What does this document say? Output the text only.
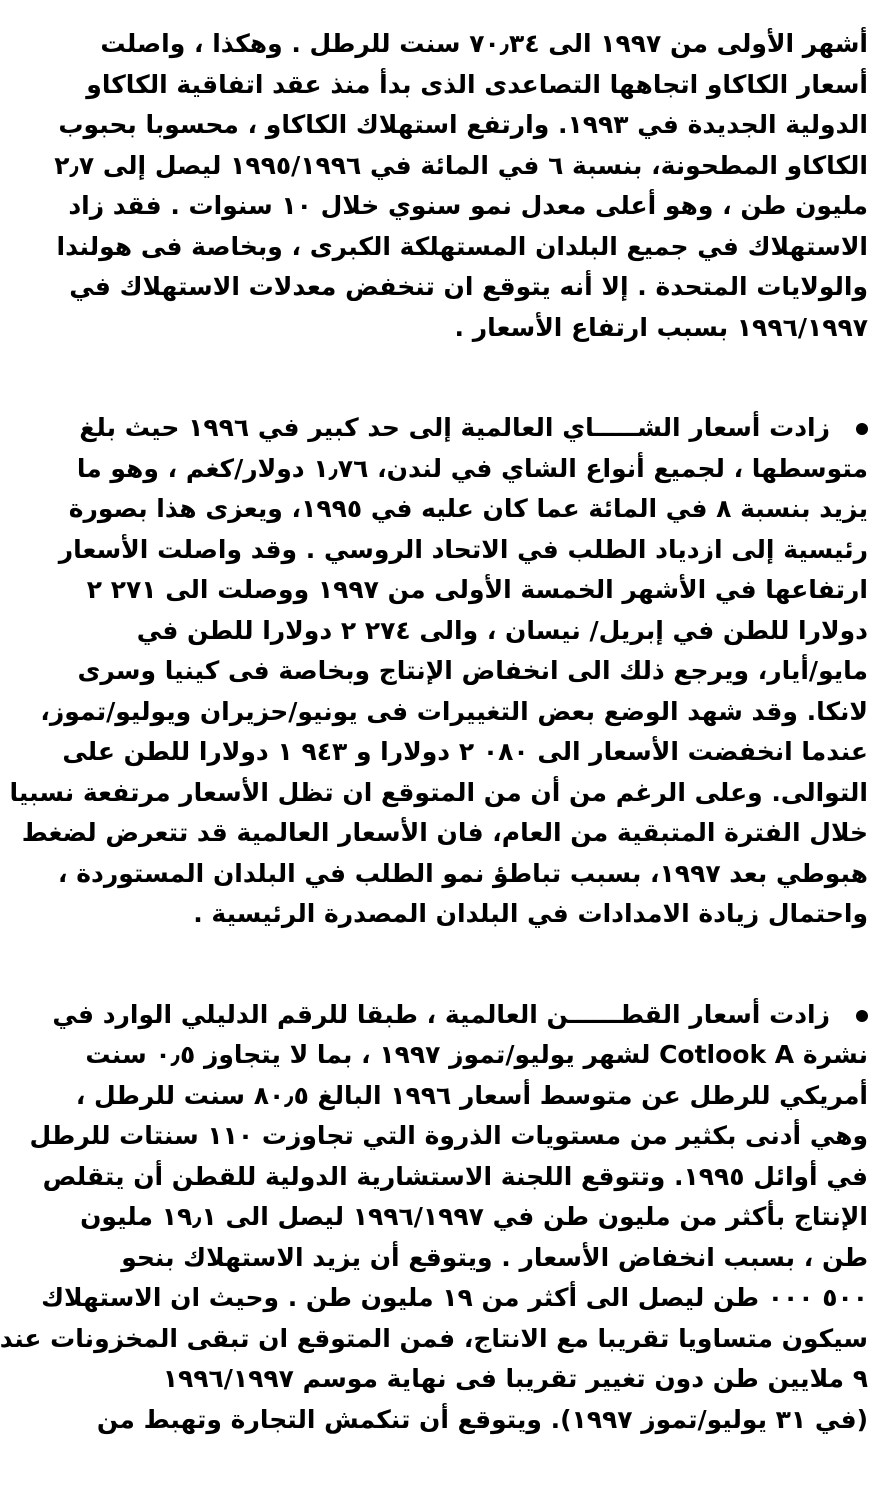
أشهر الأولى من ١٩٩٧ الى ٧٠٫٣٤ سنت للرطل . وهكذا ، واصلت
أسعار الكاكاو اتجاهها التصاعدى الذى بدأ منذ عقد اتفاقية الكاكاو
الدولية الجديدة في ١٩٩٣. وارتفع استهلاك الكاكاو ، محسوبا بحبوب
الكاكاو المطحونة، بنسبة ٦ في المائة في ١٩٩٥/١٩٩٦ ليصل إلى ٢٫٧
مليون طن ، وهو أعلى معدل نمو سنوي خلال ١٠ سنوات . فقد زاد
الاستهلاك في جميع البلدان المستهلكة الكبرى ، وبخاصة فى هولندا
والولايات المتحدة . إلا أنه يتوقع ان تنخفض معدلات الاستهلاك في
١٩٩٦/١٩٩٧ بسبب ارتفاع الأسعار .
زادت أسعار الشـــــاي العالمية إلى حد كبير في ١٩٩٦ حيث بلغ
متوسطها ، لجميع أنواع الشاي في لندن، ١٫٧٦ دولار/كغم ، وهو ما
يزيد بنسبة ٨ في المائة عما كان عليه في ١٩٩٥، ويعزى هذا بصورة
رئيسية إلى ازدياد الطلب في الاتحاد الروسي . وقد واصلت الأسعار
ارتفاعها في الأشهر الخمسة الأولى من ١٩٩٧ ووصلت الى ٢٧١ ٢
دولارا للطن في إبريل/ نيسان ، والى ٢٧٤ ٢ دولارا للطن في
مايو/أيار، ويرجع ذلك الى انخفاض الإنتاج وبخاصة فى كينيا وسرى
لانكا. وقد شهد الوضع بعض التغييرات فى يونيو/حزيران ويوليو/تموز،
عندما انخفضت الأسعار الى ٠٨٠ ٢ دولارا و ٩٤٣ ١ دولارا للطن على
التوالى. وعلى الرغم من أن من المتوقع ان تظل الأسعار مرتفعة نسبيا
خلال الفترة المتبقية من العام، فان الأسعار العالمية قد تتعرض لضغط
هبوطي بعد ١٩٩٧، بسبب تباطؤ نمو الطلب في البلدان المستوردة ،
واحتمال زيادة الامدادات في البلدان المصدرة الرئيسية .
زادت أسعار القطــــــن العالمية ، طبقا للرقم الدليلي الوارد في
نشرة Cotlook A لشهر يوليو/تموز ١٩٩٧ ، بما لا يتجاوز ٠٫٥ سنت
أمريكي للرطل عن متوسط أسعار ١٩٩٦ البالغ ٨٠٫٥ سنت للرطل ،
وهي أدنى بكثير من مستويات الذروة التي تجاوزت ١١٠ سنتات للرطل
في أوائل ١٩٩٥. وتتوقع اللجنة الاستشارية الدولية للقطن أن يتقلص
الإنتاج بأكثر من مليون طن في ١٩٩٦/١٩٩٧ ليصل الى ١٩٫١ مليون
طن ، بسبب انخفاض الأسعار . ويتوقع أن يزيد الاستهلاك بنحو
٥٠٠ ٠٠٠ طن ليصل الى أكثر من ١٩ مليون طن . وحيث ان الاستهلاك
سيكون متساويا تقريبا مع الانتاج، فمن المتوقع ان تبقى المخزونات عند
٩ ملايين طن دون تغيير تقريبا فى نهاية موسم ١٩٩٦/١٩٩٧
(في ٣١ يوليو/تموز ١٩٩٧). ويتوقع أن تنكمش التجارة وتهبط من
